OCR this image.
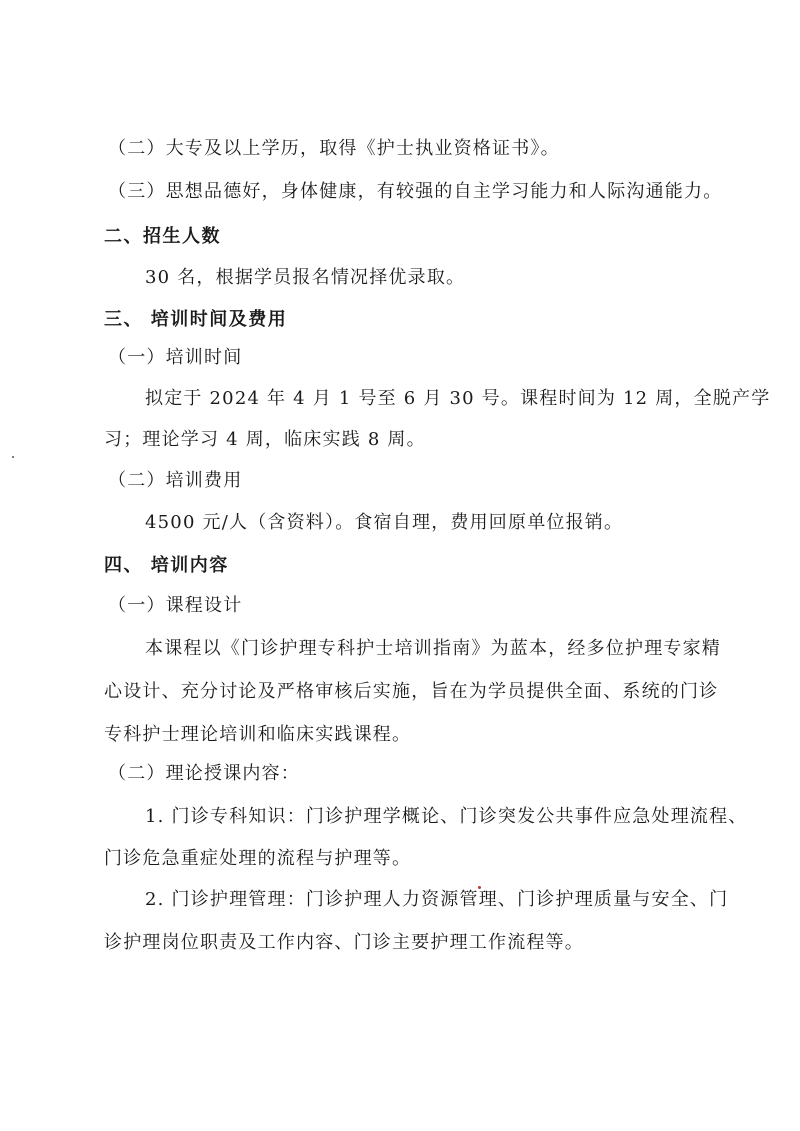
（二）大专及以上学历，取得《护士执业资格证书》。
（三）思想品德好，身体健康，有较强的自主学习能力和人际沟通能力。
二、招生人数
30 名，根据学员报名情况择优录取。
三、 培训时间及费用
（一）培训时间
拟定于 2024 年 4 月 1 号至 6 月 30 号。课程时间为 12 周，全脱产学
习；理论学习 4 周，临床实践 8 周。
（二）培训费用
4500 元/人（含资料）。食宿自理，费用回原单位报销。
四、 培训内容
（一）课程设计
本课程以《门诊护理专科护士培训指南》为蓝本，经多位护理专家精
心设计、充分讨论及严格审核后实施，旨在为学员提供全面、系统的门诊
专科护士理论培训和临床实践课程。
（二）理论授课内容：
1. 门诊专科知识：门诊护理学概论、门诊突发公共事件应急处理流程、
门诊危急重症处理的流程与护理等。
2. 门诊护理管理：门诊护理人力资源管理、门诊护理质量与安全、门
诊护理岗位职责及工作内容、门诊主要护理工作流程等。
